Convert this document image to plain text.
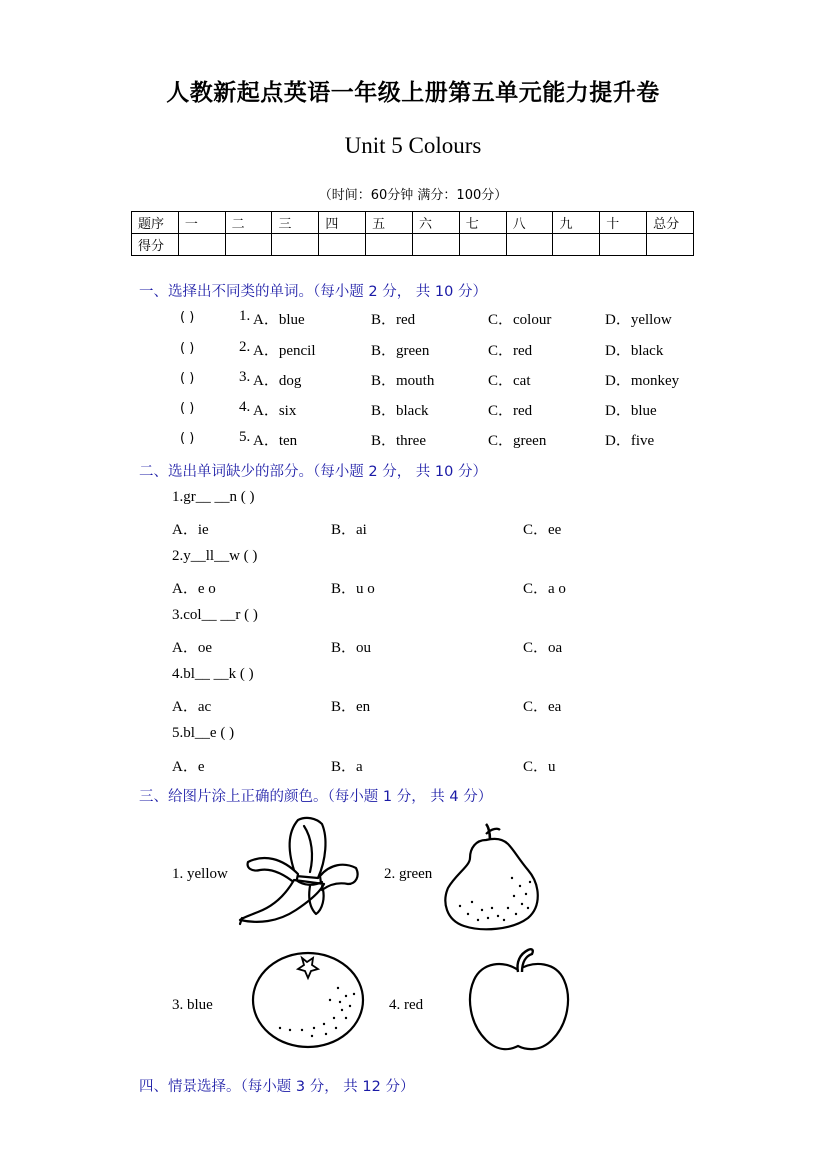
人教新起点英语一年级上册第五单元能力提升卷
Unit 5 Colours
（时间：60分钟 满分：100分）
题序	一	二	三	四	五	六	七	八	九	十	总分
得分											
一、选择出不同类的单词。（每小题 2 分， 共 10 分）
( )	1. A．blue	B．red	C．colour	D．yellow
( )	2. A．pencil	B．green	C．red	D．black
( )	3. A．dog	B．mouth	C．cat	D．monkey
( )	4. A．six	B．black	C．red	D．blue
( )	5. A．ten	B．three	C．green	D．five
二、选出单词缺少的部分。（每小题 2 分， 共 10 分）
1.gr__ __n ( )
A．ie	B．ai	C．ee
2.y__ll__w ( )
A．e o	B．u o	C．a o
3.col__ __r ( )
A．oe	B．ou	C．oa
4.bl__ __k ( )
A．ac	B．en	C．ea
5.bl__e ( )
A．e	B．a	C．u
三、给图片涂上正确的颜色。（每小题 1 分， 共 4 分）
1. yellow	2. green
3. blue	4. red
四、情景选择。（每小题 3 分， 共 12 分）
